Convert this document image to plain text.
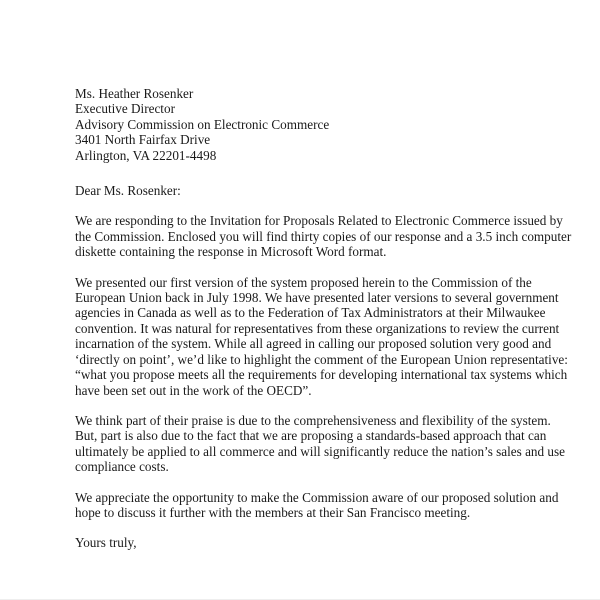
Ms. Heather Rosenker
Executive Director
Advisory Commission on Electronic Commerce
3401 North Fairfax Drive
Arlington, VA 22201-4498
Dear Ms. Rosenker:
We are responding to the Invitation for Proposals Related to Electronic Commerce issued by
the Commission. Enclosed you will find thirty copies of our response and a 3.5 inch computer
diskette containing the response in Microsoft Word format.
We presented our first version of the system proposed herein to the Commission of the
European Union back in July 1998. We have presented later versions to several government
agencies in Canada as well as to the Federation of Tax Administrators at their Milwaukee
convention. It was natural for representatives from these organizations to review the current
incarnation of the system. While all agreed in calling our proposed solution very good and
‘directly on point’, we’d like to highlight the comment of the European Union representative:
“what you propose meets all the requirements for developing international tax systems which
have been set out in the work of the OECD”.
We think part of their praise is due to the comprehensiveness and flexibility of the system.
But, part is also due to the fact that we are proposing a standards-based approach that can
ultimately be applied to all commerce and will significantly reduce the nation’s sales and use
compliance costs.
We appreciate the opportunity to make the Commission aware of our proposed solution and
hope to discuss it further with the members at their San Francisco meeting.
Yours truly,
